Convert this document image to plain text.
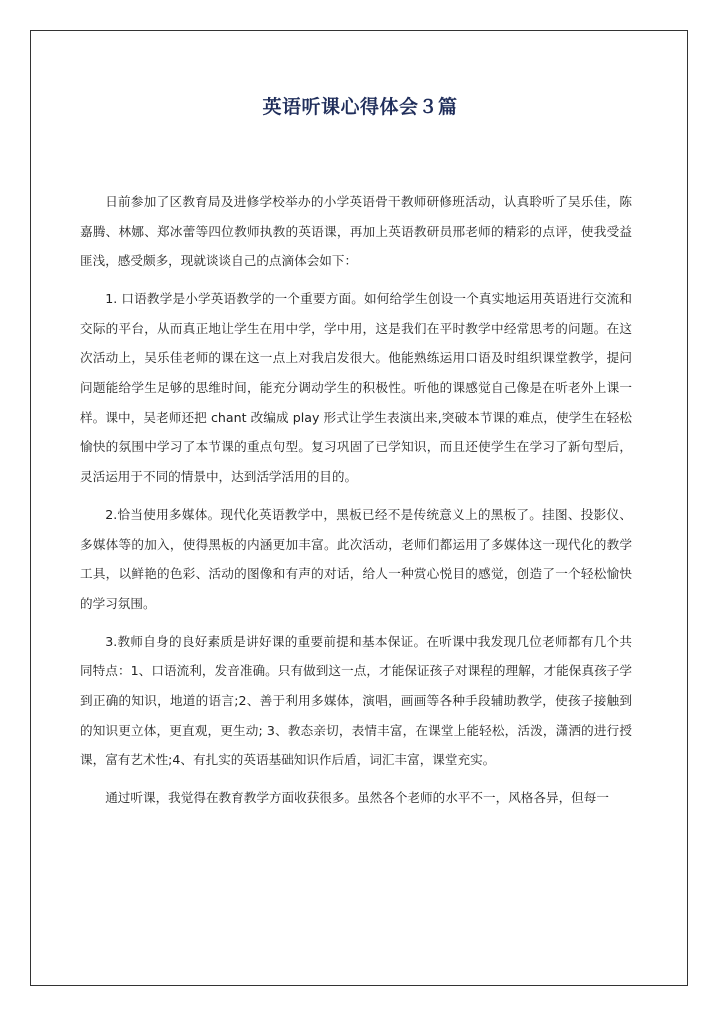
英语听课心得体会３篇

日前参加了区教育局及进修学校举办的小学英语骨干教师研修班活动，认真聆听了吴乐佳，陈嘉腾、林娜、郑冰蕾等四位教师执教的英语课，再加上英语教研员邢老师的精彩的点评，使我受益匪浅，感受颇多，现就谈谈自己的点滴体会如下：

1. 口语教学是小学英语教学的一个重要方面。如何给学生创设一个真实地运用英语进行交流和交际的平台，从而真正地让学生在用中学，学中用，这是我们在平时教学中经常思考的问题。在这次活动上，吴乐佳老师的课在这一点上对我启发很大。他能熟练运用口语及时组织课堂教学，提问问题能给学生足够的思维时间，能充分调动学生的积极性。听他的课感觉自己像是在听老外上课一样。课中，吴老师还把 chant 改编成 play 形式让学生表演出来,突破本节课的难点，使学生在轻松愉快的氛围中学习了本节课的重点句型。复习巩固了已学知识，而且还使学生在学习了新句型后，灵活运用于不同的情景中，达到活学活用的目的。

2.恰当使用多媒体。现代化英语教学中，黑板已经不是传统意义上的黑板了。挂图、投影仪、多媒体等的加入，使得黑板的内涵更加丰富。此次活动，老师们都运用了多媒体这一现代化的教学工具，以鲜艳的色彩、活动的图像和有声的对话，给人一种赏心悦目的感觉，创造了一个轻松愉快的学习氛围。

3.教师自身的良好素质是讲好课的重要前提和基本保证。在听课中我发现几位老师都有几个共同特点：1、口语流利，发音准确。只有做到这一点，才能保证孩子对课程的理解，才能保真孩子学到正确的知识，地道的语言;2、善于利用多媒体，演唱，画画等各种手段辅助教学，使孩子接触到的知识更立体，更直观，更生动; 3、教态亲切，表情丰富，在课堂上能轻松，活泼，潇洒的进行授课，富有艺术性;4、有扎实的英语基础知识作后盾，词汇丰富，课堂充实。

通过听课，我觉得在教育教学方面收获很多。虽然各个老师的水平不一，风格各异，但每一
